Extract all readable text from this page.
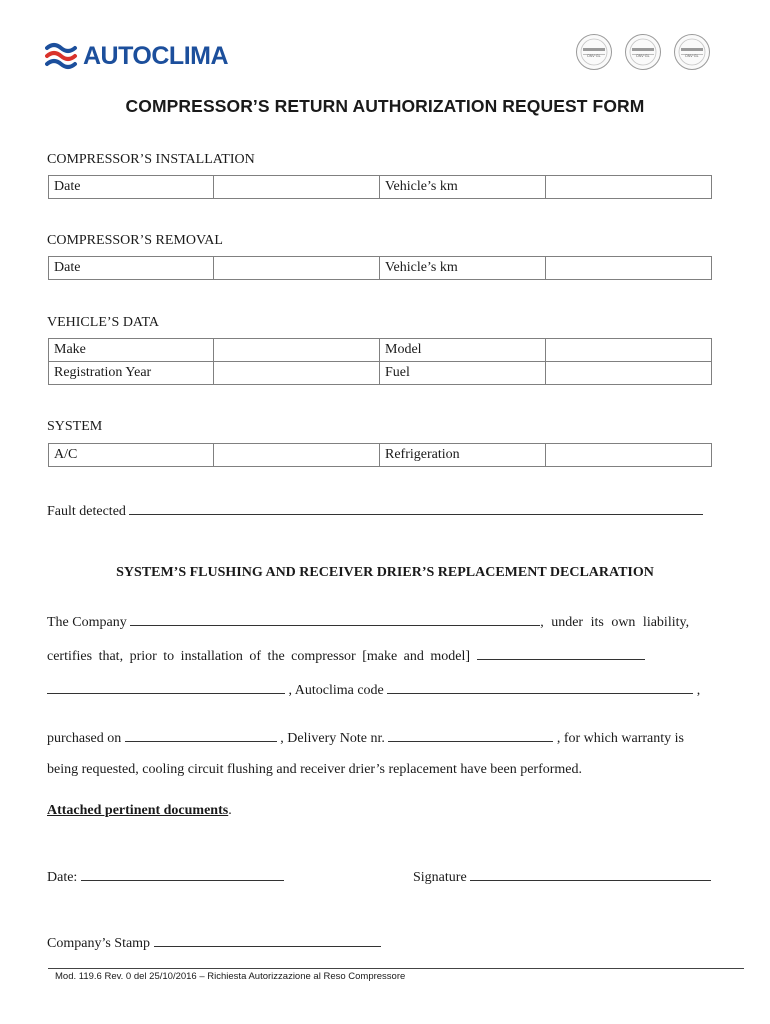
AUTOCLIMA	DNV·GL	DNV·GL	DNV·GL
COMPRESSOR’S RETURN AUTHORIZATION REQUEST FORM
COMPRESSOR’S INSTALLATION
Date		Vehicle’s km	
COMPRESSOR’S REMOVAL
Date		Vehicle’s km	
VEHICLE’S DATA
Make		Model	
Registration Year		Fuel	
SYSTEM
A/C		Refrigeration	
Fault detected
SYSTEM’S FLUSHING AND RECEIVER DRIER’S REPLACEMENT DECLARATION
The Company	, under its own liability,
certifies that, prior to installation of the compressor [make and model]
, Autoclima code	,
purchased on	, Delivery Note nr.	, for which warranty is
being requested, cooling circuit flushing and receiver drier’s replacement have been performed.
Attached pertinent documents.
Date:	Signature
Company’s Stamp
Mod. 119.6 Rev. 0 del 25/10/2016 – Richiesta Autorizzazione al Reso Compressore
